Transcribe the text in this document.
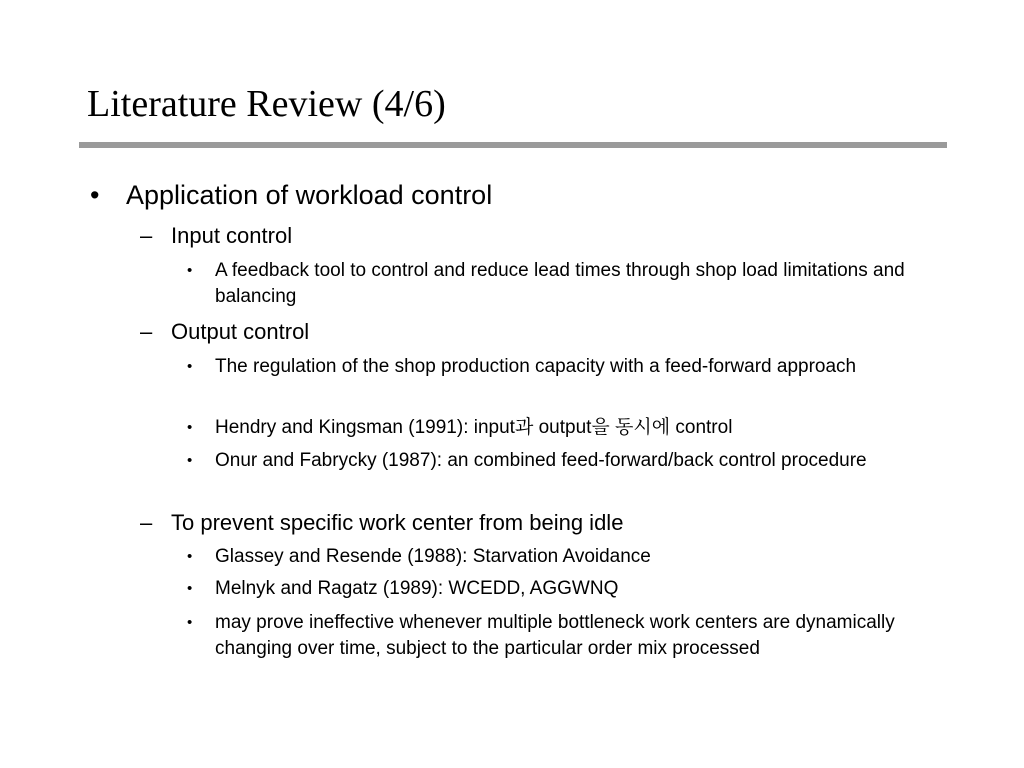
Literature Review (4/6)
• Application of workload control
– Input control
• A feedback tool to control and reduce lead times through shop load limitations and balancing
– Output control
• The regulation of the shop production capacity with a feed-forward approach
• Hendry and Kingsman (1991): input과 output을 동시에 control
• Onur and Fabrycky (1987): an combined feed-forward/back control procedure
– To prevent specific work center from being idle
• Glassey and Resende (1988): Starvation Avoidance
• Melnyk and Ragatz (1989): WCEDD, AGGWNQ
• may prove ineffective whenever multiple bottleneck work centers are dynamically changing over time, subject to the particular order mix processed
